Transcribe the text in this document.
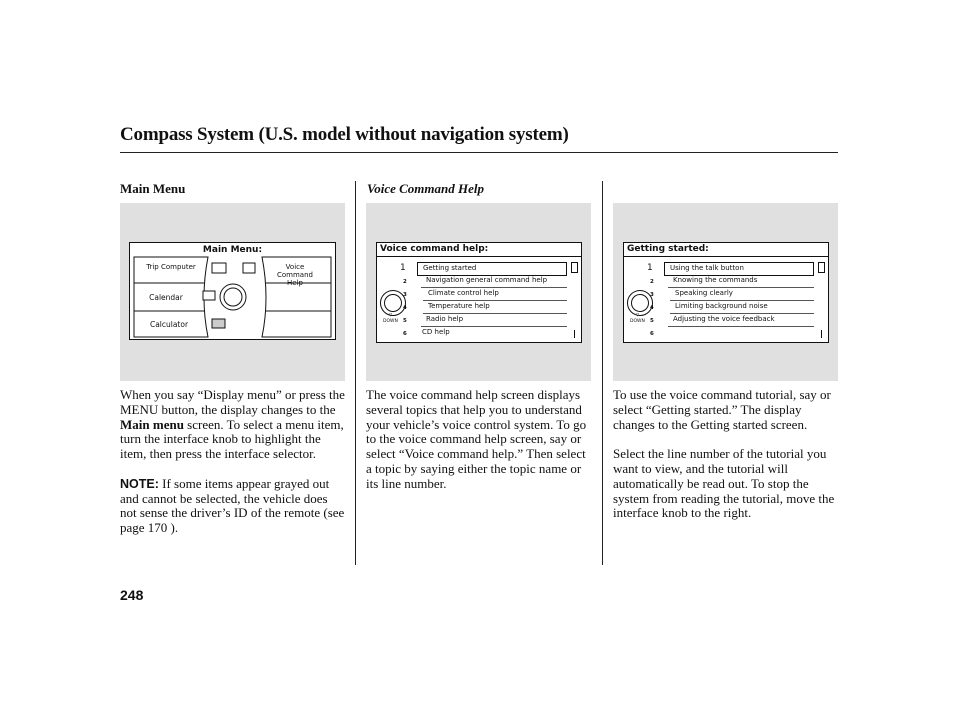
Compass System (U.S. model without navigation system)
Main Menu
Main Menu:
Trip Computer
Calendar
Calculator
Voice Command Help

When you say “Display menu” or press the MENU button, the display changes to the Main menu screen. To select a menu item, turn the interface knob to highlight the item, then press the interface selector.

NOTE: If some items appear grayed out and cannot be selected, the vehicle does not sense the driver’s ID of the remote (see page 170 ).

Voice Command Help
Voice command help:
▽
DOWN
1
2
3
4
5
6
Getting started
Navigation general command help
Climate control help
Temperature help
Radio help
CD help

The voice command help screen displays several topics that help you to understand your vehicle’s voice control system. To go to the voice command help screen, say or select “Voice command help.” Then select a topic by saying either the topic name or its line number.

Getting started:
▽
DOWN
1
2
3
4
5
6
Using the talk button
Knowing the commands
Speaking clearly
Limiting background noise
Adjusting the voice feedback

To use the voice command tutorial, say or select “Getting started.” The display changes to the Getting started screen.

Select the line number of the tutorial you want to view, and the tutorial will automatically be read out. To stop the system from reading the tutorial, move the interface knob to the right.

248
